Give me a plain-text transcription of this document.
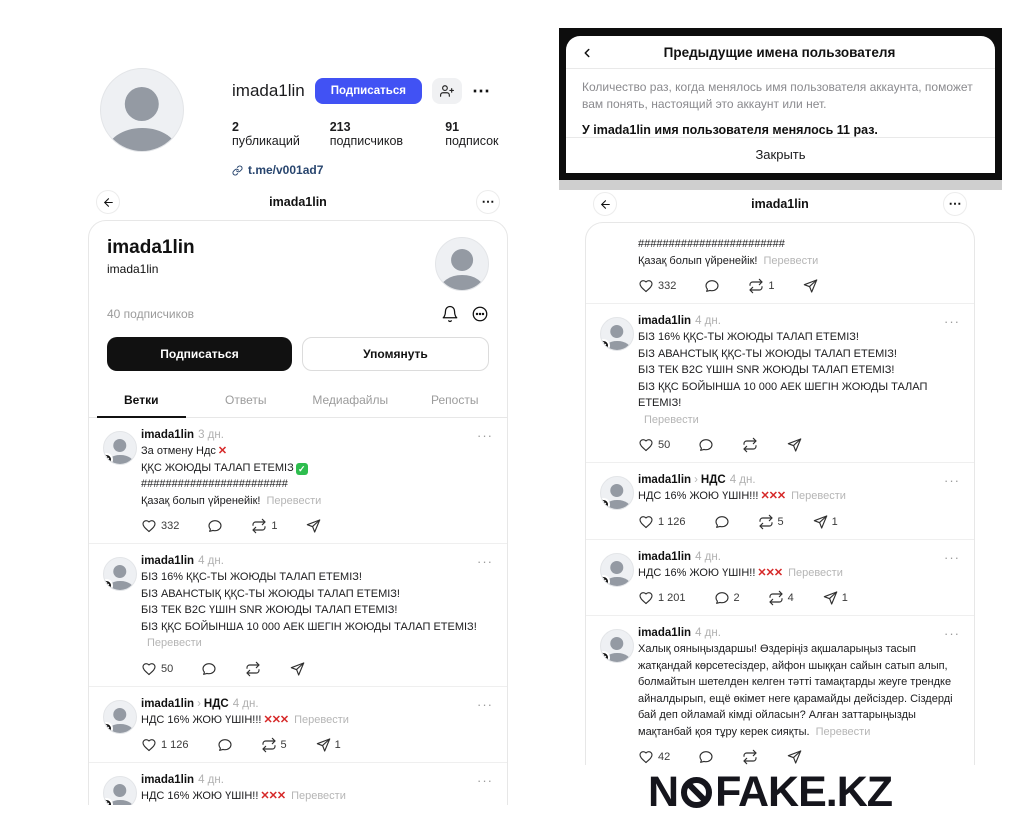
imada1lin	Подписаться	⋯
2 публикаций
213 подписчиков
91 подписок
t.me/v001ad7
Предыдущие имена пользователя
Количество раз, когда менялось имя пользователя аккаунта, поможет вам понять, настоящий это аккаунт или нет.
У imada1lin имя пользователя менялось 11 раз.
Закрыть
imada1lin	⋯
imada1lin
imada1lin
40 подписчиков
Подписаться	Упомянуть
Ветки	Ответы	Медиафайлы	Репосты
+
imada1lin 3 дн.	···
За отмену Ндс ✕
ҚҚС ЖОЮДЫ ТАЛАП ЕТЕМІЗ ✓
########################
Қазақ болып үйренейік! Перевести
332	1
+
imada1lin 4 дн.	···
БІЗ 16% ҚҚС-ТЫ ЖОЮДЫ ТАЛАП ЕТЕМІЗ!
БІЗ АВАНСТЫҚ ҚҚС-ТЫ ЖОЮДЫ ТАЛАП ЕТЕМІЗ!
БІЗ ТЕК B2C ҮШІН SNR ЖОЮДЫ ТАЛАП ЕТЕМІЗ!
БІЗ ҚҚС БОЙЫНША 10 000 АЕК ШЕГІН ЖОЮДЫ ТАЛАП ЕТЕМІЗ!
Перевести
50
+
imada1lin › НДС 4 дн.	···
НДС 16% ЖОЮ ҮШІН!!! ✕✕✕ Перевести
1 126	5	1
+
imada1lin 4 дн.	···
НДС 16% ЖОЮ ҮШІН!! ✕✕✕ Перевести
imada1lin	⋯
########################
Қазақ болып үйренейік! Перевести
332	1
+
imada1lin 4 дн.	···
БІЗ 16% ҚҚС-ТЫ ЖОЮДЫ ТАЛАП ЕТЕМІЗ!
БІЗ АВАНСТЫҚ ҚҚС-ТЫ ЖОЮДЫ ТАЛАП ЕТЕМІЗ!
БІЗ ТЕК B2C ҮШІН SNR ЖОЮДЫ ТАЛАП ЕТЕМІЗ!
БІЗ ҚҚС БОЙЫНША 10 000 АЕК ШЕГІН ЖОЮДЫ ТАЛАП ЕТЕМІЗ!
Перевести
50
+
imada1lin › НДС 4 дн.	···
НДС 16% ЖОЮ ҮШІН!!! ✕✕✕ Перевести
1 126	5	1
+
imada1lin 4 дн.	···
НДС 16% ЖОЮ ҮШІН!! ✕✕✕ Перевести
1 201	2	4	1
+
imada1lin 4 дн.	···
Халық ояныңыздаршы! Өздеріңіз ақшаларыңыз тасып жатқандай көрсетесіздер, айфон шыққан сайын сатып алып, болмайтын шетелден келген тәтті тамақтарды жеуге трендке айналдырып, ещё өкімет неге қарамайды дейсіздер. Сіздерді бай деп ойламай кімді ойласын? Алған заттарыңызды мақтанбай қоя тұру керек сияқты. Перевести
42
N FAKE.KZ
